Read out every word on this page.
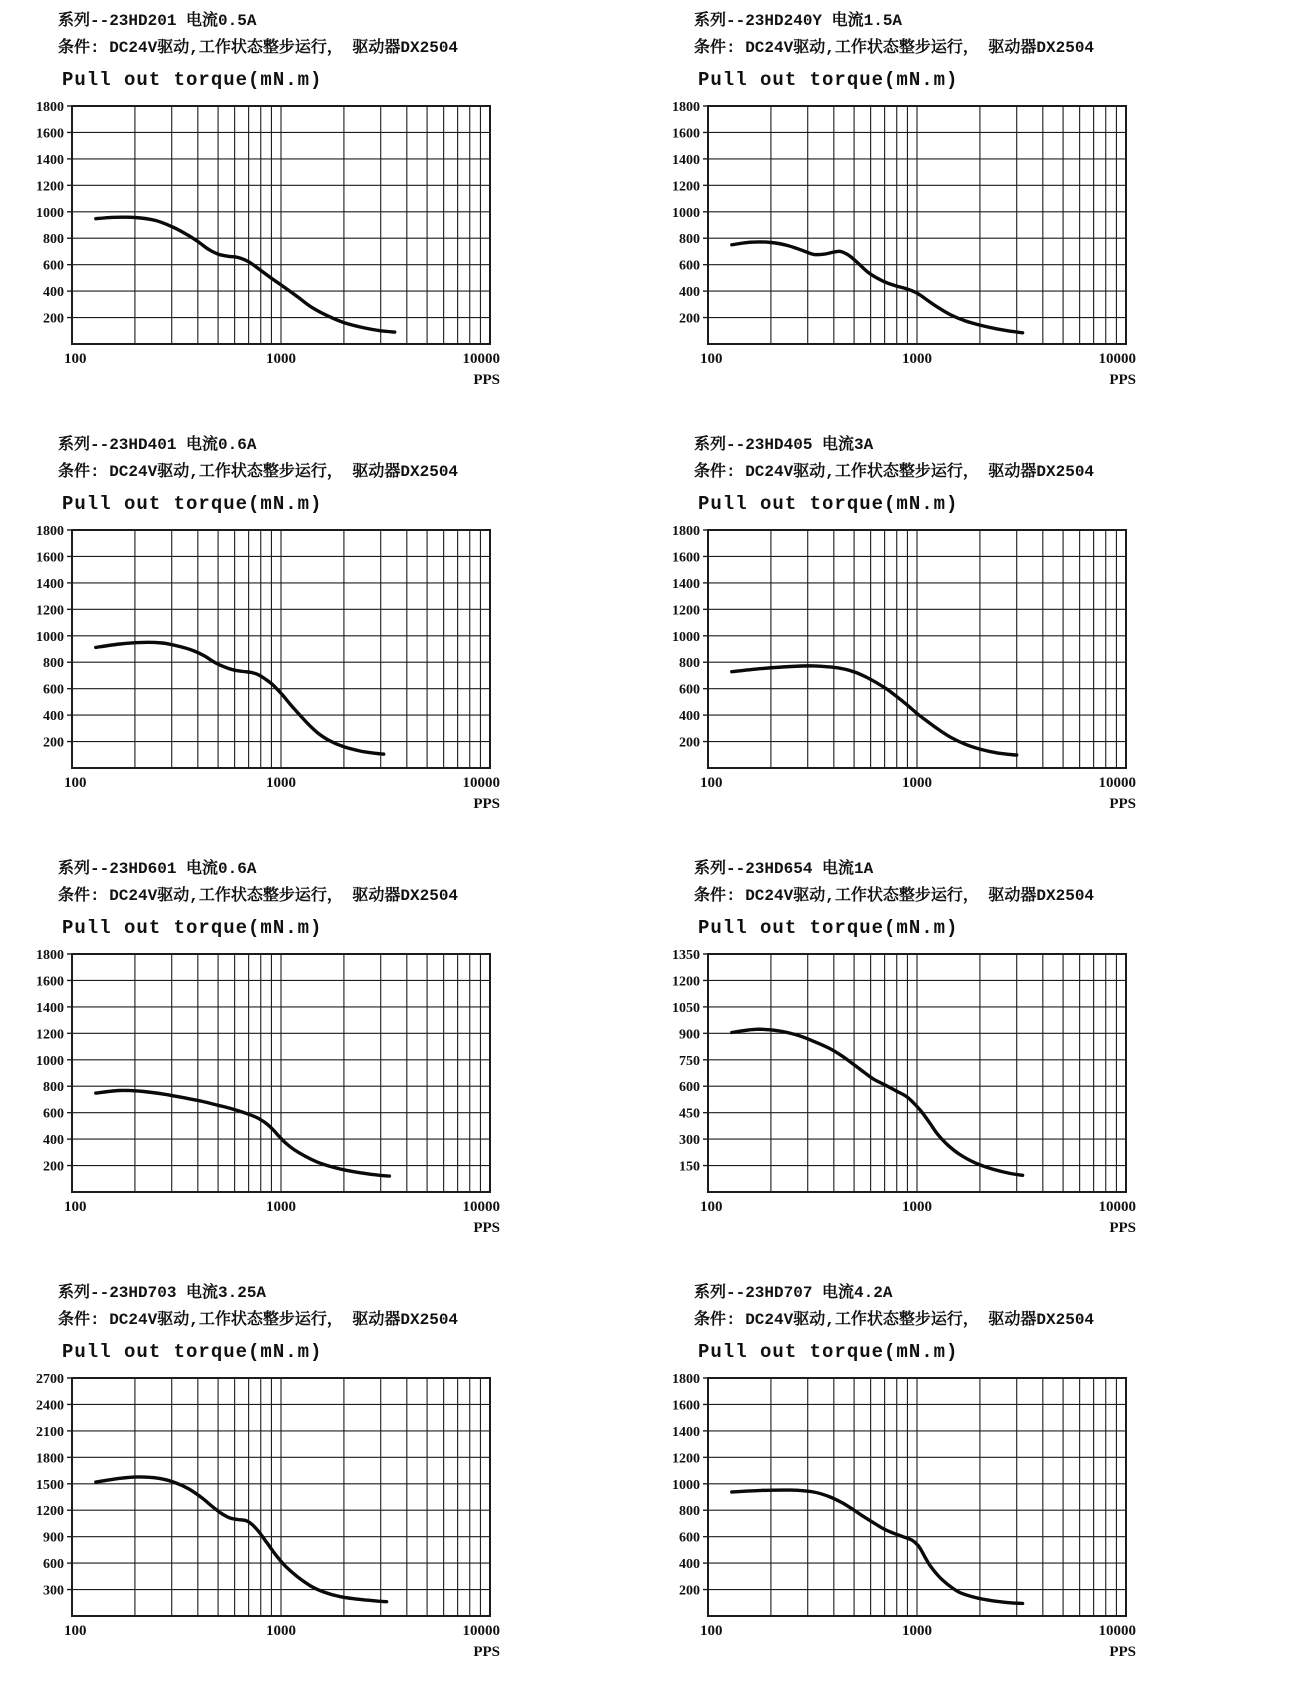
系列--23HD201 电流0.5A
条件: DC24V驱动,工作状态整步运行， 驱动器DX2504
Pull out torque(mN.m)
200
400
600
800
1000
1200
1400
1600
1800
100	1000	10000
PPS
系列--23HD240Y 电流1.5A
条件: DC24V驱动,工作状态整步运行， 驱动器DX2504
Pull out torque(mN.m)
200
400
600
800
1000
1200
1400
1600
1800
100	1000	10000
PPS
系列--23HD401 电流0.6A
条件: DC24V驱动,工作状态整步运行， 驱动器DX2504
Pull out torque(mN.m)
200
400
600
800
1000
1200
1400
1600
1800
100	1000	10000
PPS
系列--23HD405 电流3A
条件: DC24V驱动,工作状态整步运行， 驱动器DX2504
Pull out torque(mN.m)
200
400
600
800
1000
1200
1400
1600
1800
100	1000	10000
PPS
系列--23HD601 电流0.6A
条件: DC24V驱动,工作状态整步运行， 驱动器DX2504
Pull out torque(mN.m)
200
400
600
800
1000
1200
1400
1600
1800
100	1000	10000
PPS
系列--23HD654 电流1A
条件: DC24V驱动,工作状态整步运行， 驱动器DX2504
Pull out torque(mN.m)
150
300
450
600
750
900
1050
1200
1350
100	1000	10000
PPS
系列--23HD703 电流3.25A
条件: DC24V驱动,工作状态整步运行， 驱动器DX2504
Pull out torque(mN.m)
300
600
900
1200
1500
1800
2100
2400
2700
100	1000	10000
PPS
系列--23HD707 电流4.2A
条件: DC24V驱动,工作状态整步运行， 驱动器DX2504
Pull out torque(mN.m)
200
400
600
800
1000
1200
1400
1600
1800
100	1000	10000
PPS
